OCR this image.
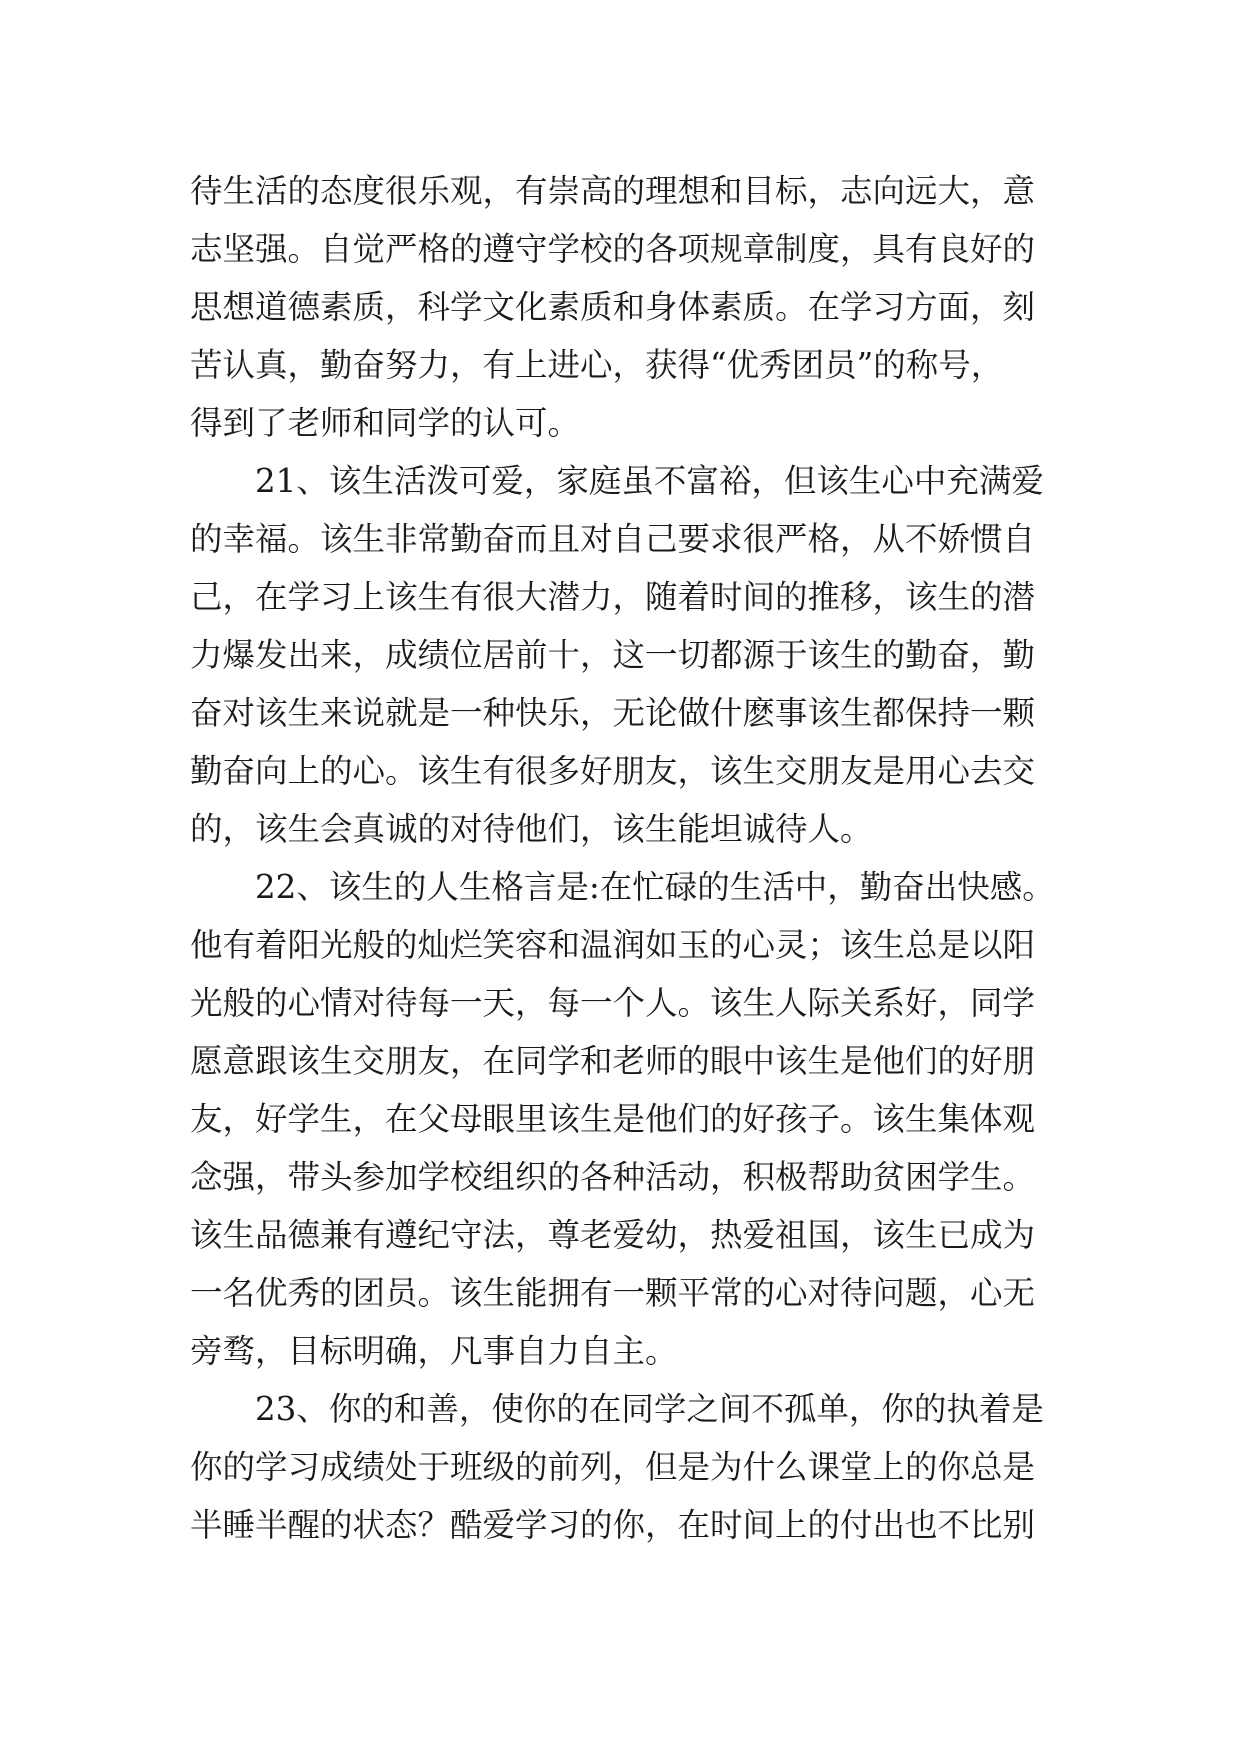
待生活的态度很乐观，有崇高的理想和目标，志向远大，意
志坚强。自觉严格的遵守学校的各项规章制度，具有良好的
思想道德素质，科学文化素质和身体素质。在学习方面，刻
苦认真，勤奋努力，有上进心，获得“优秀团员”的称号，
得到了老师和同学的认可。
21、该生活泼可爱，家庭虽不富裕，但该生心中充满爱
的幸福。该生非常勤奋而且对自己要求很严格，从不娇惯自
己，在学习上该生有很大潜力，随着时间的推移，该生的潜
力爆发出来，成绩位居前十，这一切都源于该生的勤奋，勤
奋对该生来说就是一种快乐，无论做什麽事该生都保持一颗
勤奋向上的心。该生有很多好朋友，该生交朋友是用心去交
的，该生会真诚的对待他们，该生能坦诚待人。
22、该生的人生格言是:在忙碌的生活中，勤奋出快感。
他有着阳光般的灿烂笑容和温润如玉的心灵；该生总是以阳
光般的心情对待每一天，每一个人。该生人际关系好，同学
愿意跟该生交朋友，在同学和老师的眼中该生是他们的好朋
友，好学生，在父母眼里该生是他们的好孩子。该生集体观
念强，带头参加学校组织的各种活动，积极帮助贫困学生。
该生品德兼有遵纪守法，尊老爱幼，热爱祖国，该生已成为
一名优秀的团员。该生能拥有一颗平常的心对待问题，心无
旁骛，目标明确，凡事自力自主。
23、你的和善，使你的在同学之间不孤单，你的执着是
你的学习成绩处于班级的前列，但是为什么课堂上的你总是
半睡半醒的状态？酷爱学习的你，在时间上的付出也不比别
